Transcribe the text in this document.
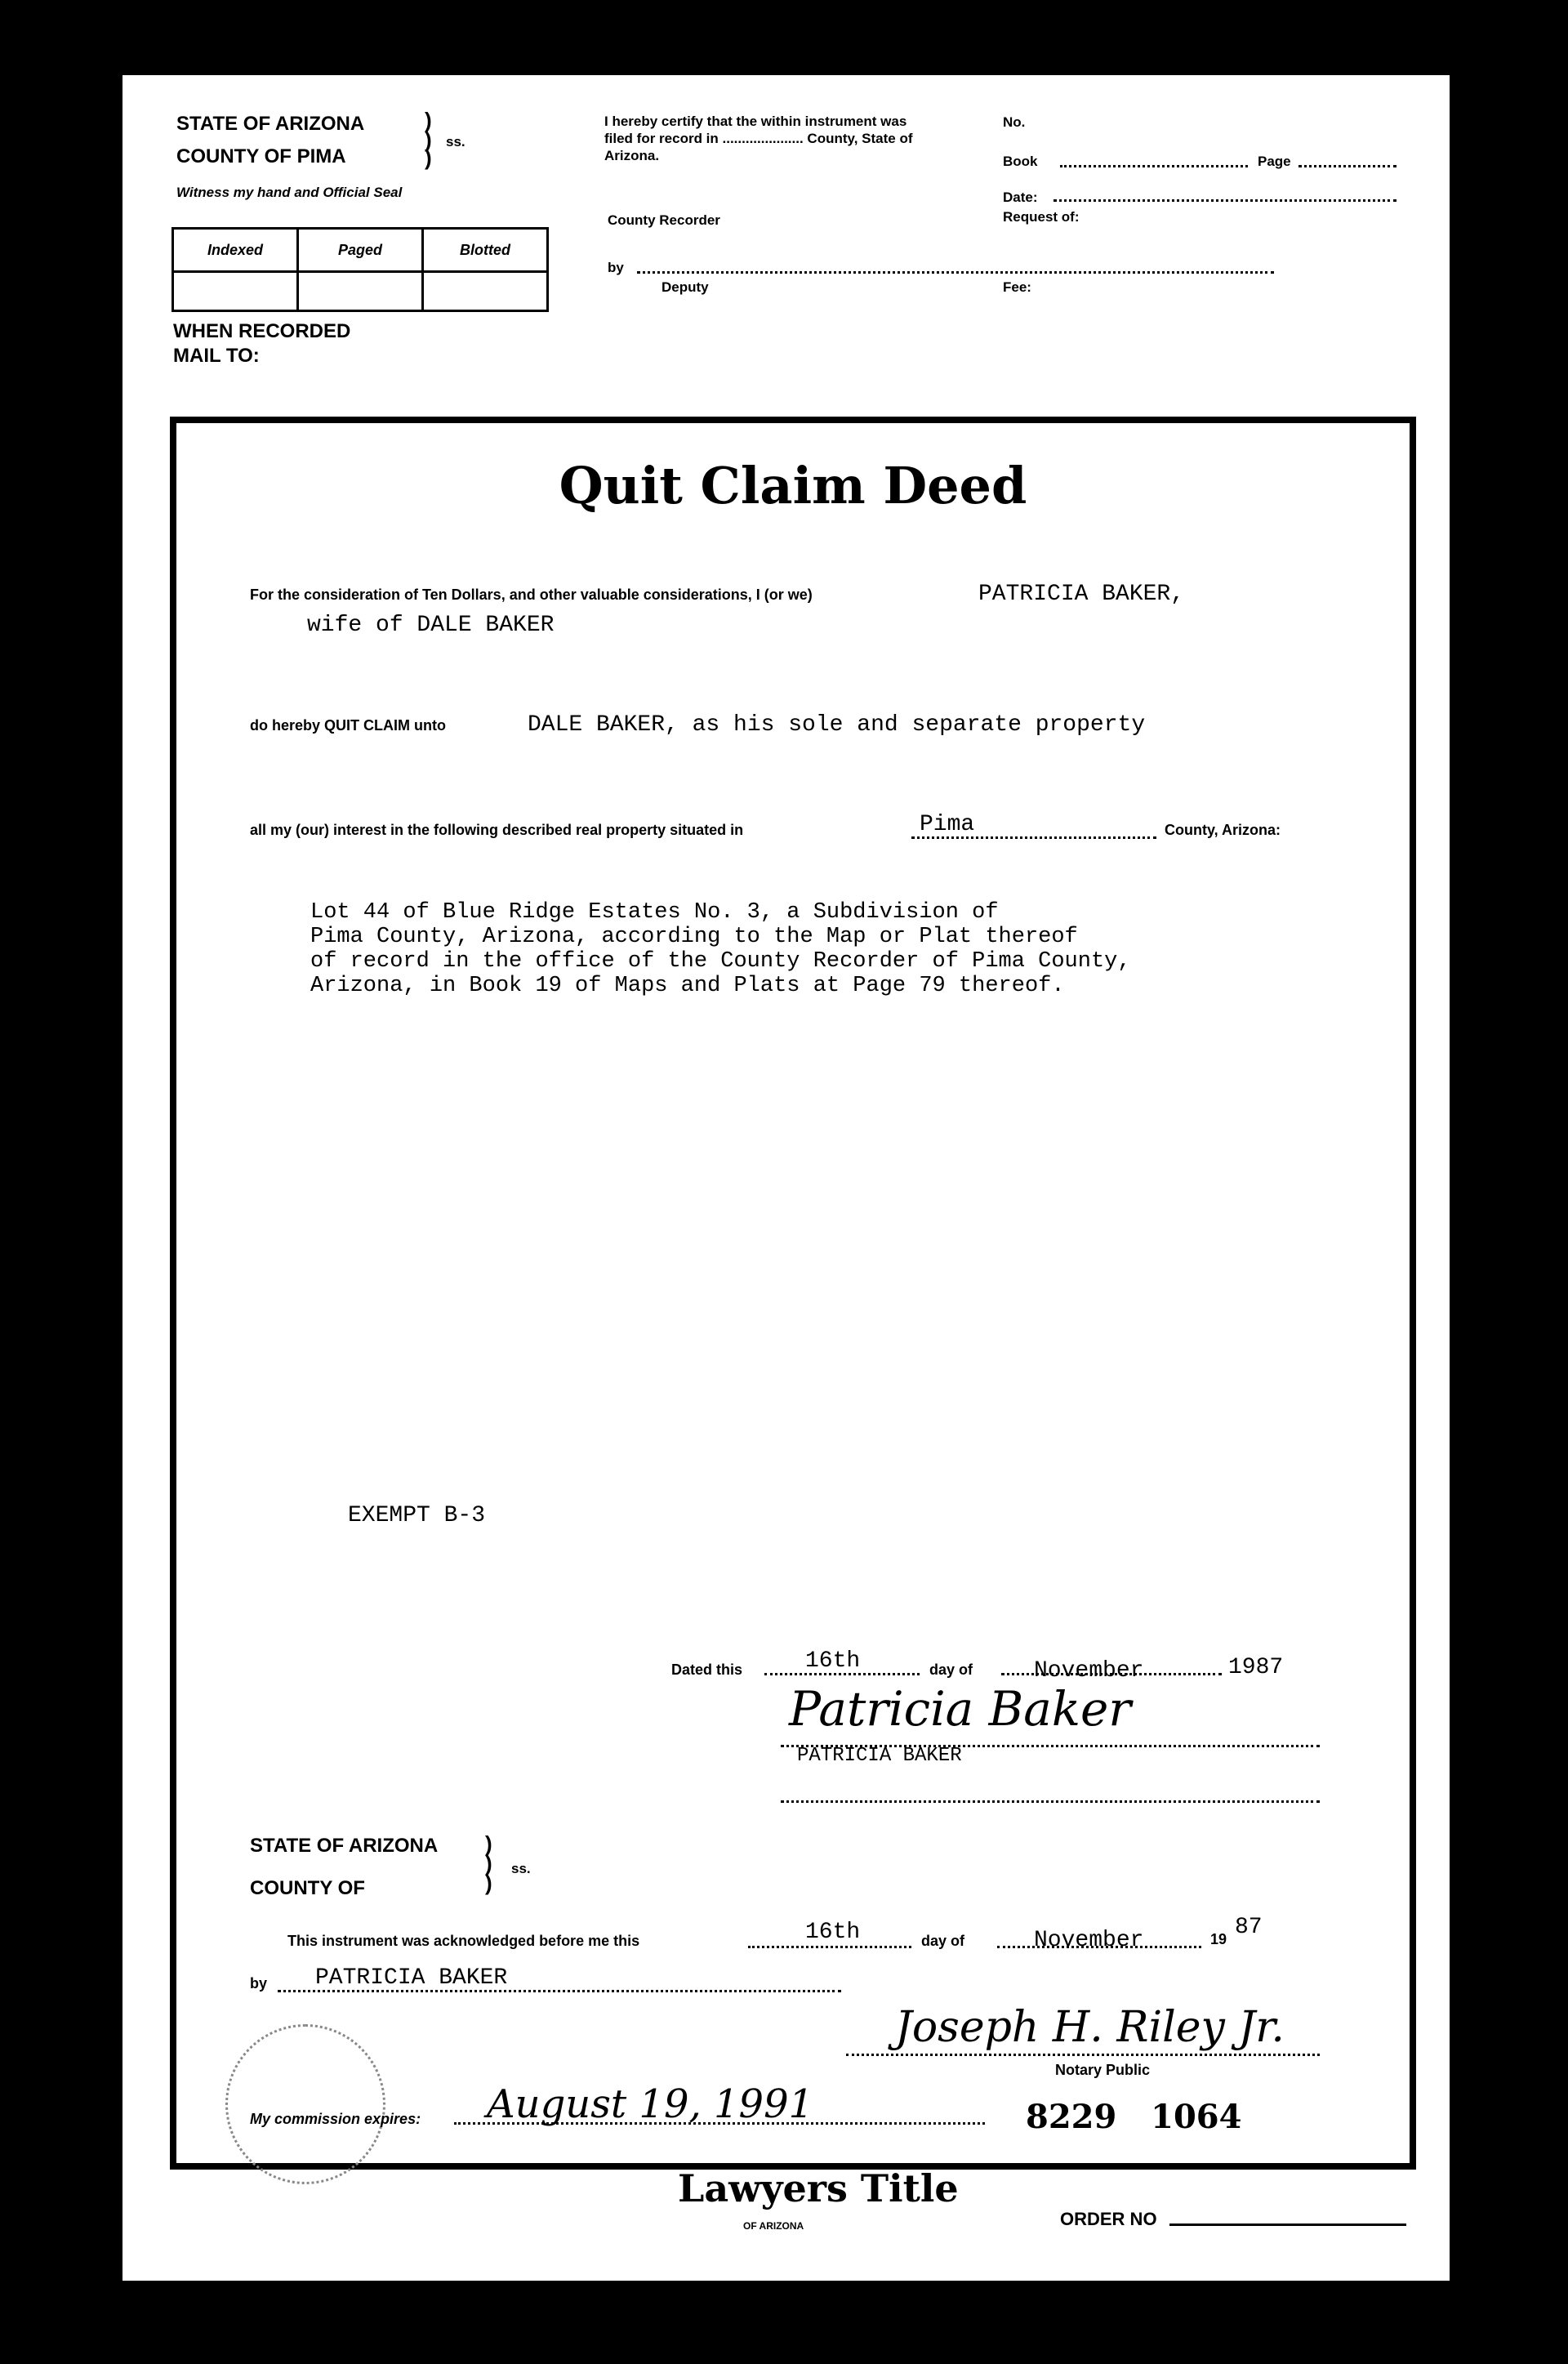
STATE OF ARIZONA	)
COUNTY OF PIMA
)
)
ss.
Witness my hand and Official Seal
Indexed	Paged	Blotted

WHEN RECORDED
MAIL TO:
I hereby certify that the within instrument was filed for record in ..................... County, State of Arizona.
County Recorder
by
Deputy
No.
Book	Page
Date:
Request of:
Fee:
Quit Claim Deed
For the consideration of Ten Dollars, and other valuable considerations, I (or we)	PATRICIA BAKER,
wife of DALE BAKER
do hereby QUIT CLAIM unto	DALE BAKER, as his sole and separate property
all my (our) interest in the following described real property situated in	Pima	County, Arizona:
Lot 44 of Blue Ridge Estates No. 3, a Subdivision of
Pima County, Arizona, according to the Map or Plat thereof
of record in the office of the County Recorder of Pima County,
Arizona, in Book 19 of Maps and Plats at Page 79 thereof.
EXEMPT B-3
Dated this	16th	day of	November	1987
Patricia Baker
PATRICIA BAKER
STATE OF ARIZONA )
)
)
ss.
COUNTY OF
This instrument was acknowledged before me this	16th	day of	November	19 87
by PATRICIA BAKER
Joseph H. Riley Jr.
Notary Public
My commission expires: August 19, 1991	8229   1064
Lawyers Title
OF ARIZONA	ORDER NO
